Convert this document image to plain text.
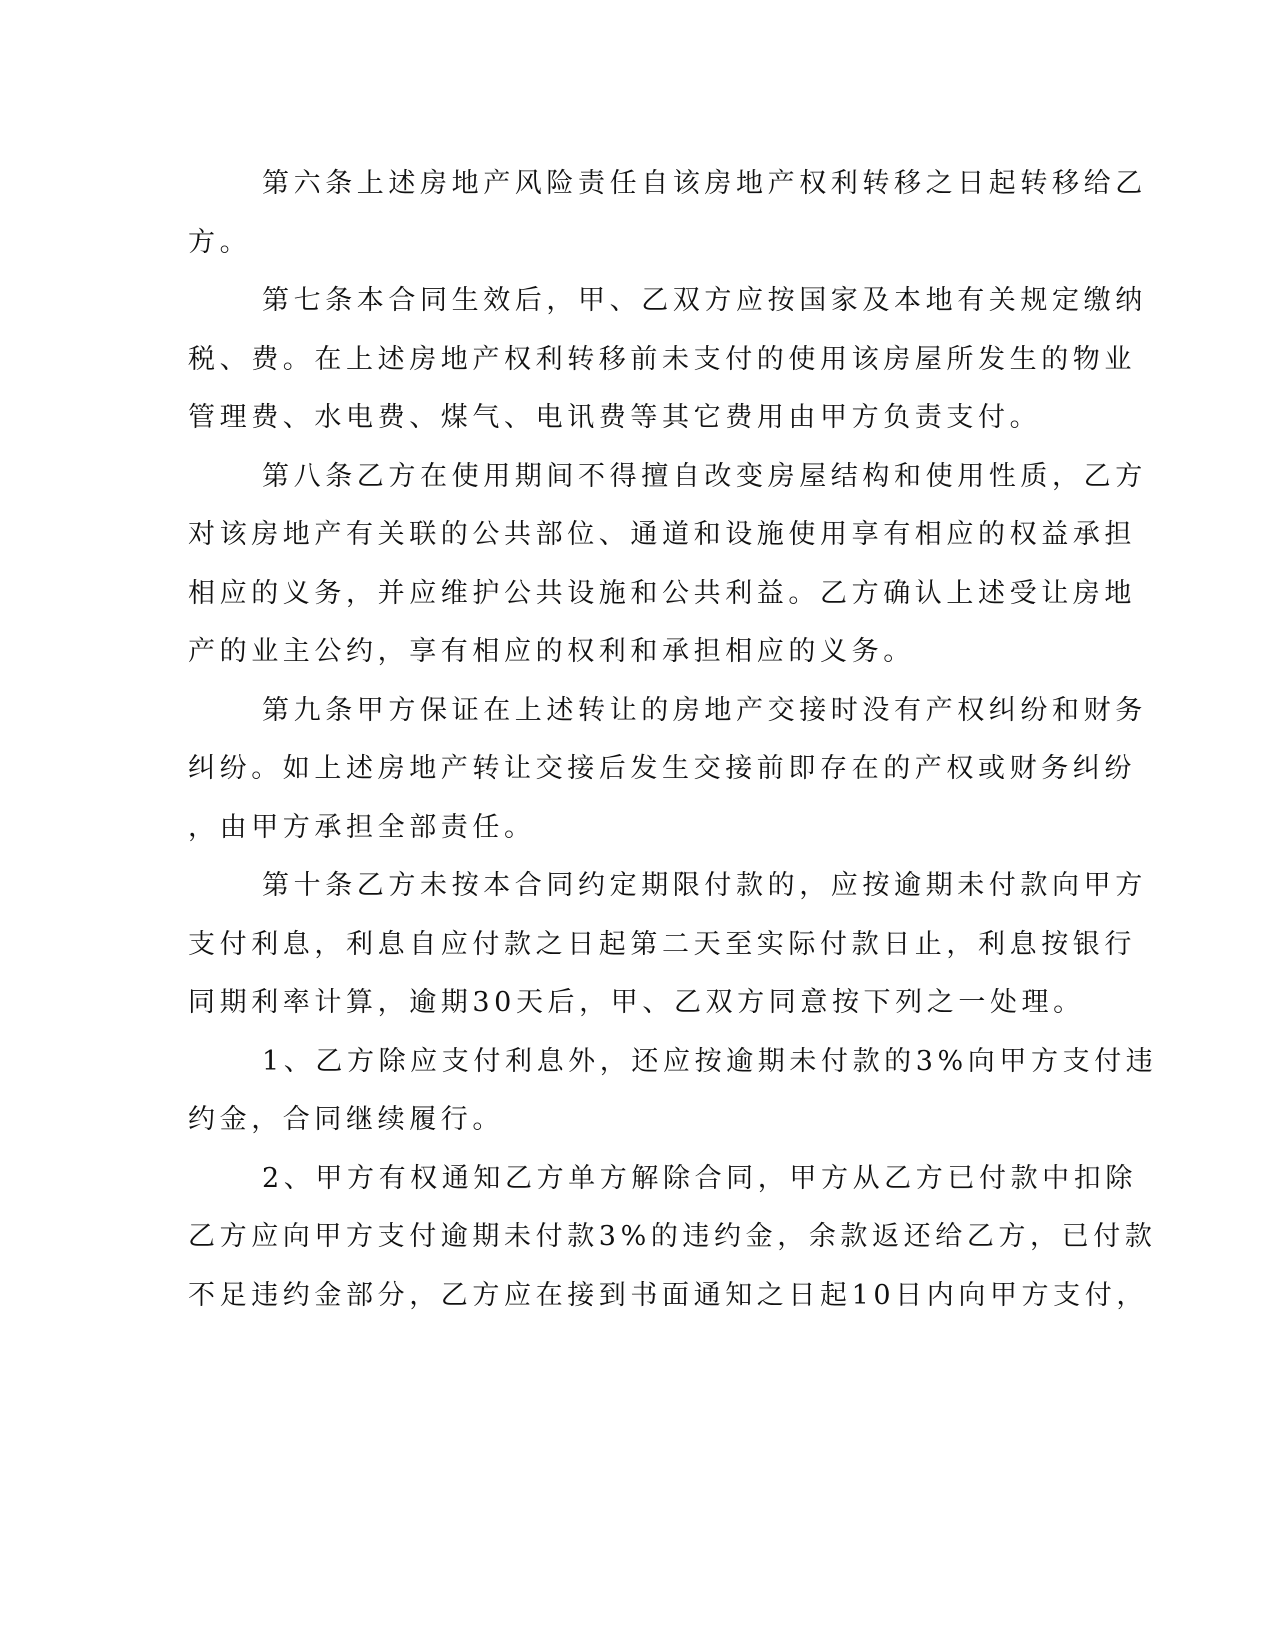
第六条上述房地产风险责任自该房地产权利转移之日起转移给乙
方。
第七条本合同生效后，甲、乙双方应按国家及本地有关规定缴纳
税、费。在上述房地产权利转移前未支付的使用该房屋所发生的物业
管理费、水电费、煤气、电讯费等其它费用由甲方负责支付。
第八条乙方在使用期间不得擅自改变房屋结构和使用性质，乙方
对该房地产有关联的公共部位、通道和设施使用享有相应的权益承担
相应的义务，并应维护公共设施和公共利益。乙方确认上述受让房地
产的业主公约，享有相应的权利和承担相应的义务。
第九条甲方保证在上述转让的房地产交接时没有产权纠纷和财务
纠纷。如上述房地产转让交接后发生交接前即存在的产权或财务纠纷
，由甲方承担全部责任。
第十条乙方未按本合同约定期限付款的，应按逾期未付款向甲方
支付利息，利息自应付款之日起第二天至实际付款日止，利息按银行
同期利率计算，逾期30天后，甲、乙双方同意按下列之一处理。
1、乙方除应支付利息外，还应按逾期未付款的3%向甲方支付违
约金，合同继续履行。
2、甲方有权通知乙方单方解除合同，甲方从乙方已付款中扣除
乙方应向甲方支付逾期未付款3%的违约金，余款返还给乙方，已付款
不足违约金部分，乙方应在接到书面通知之日起10日内向甲方支付，
